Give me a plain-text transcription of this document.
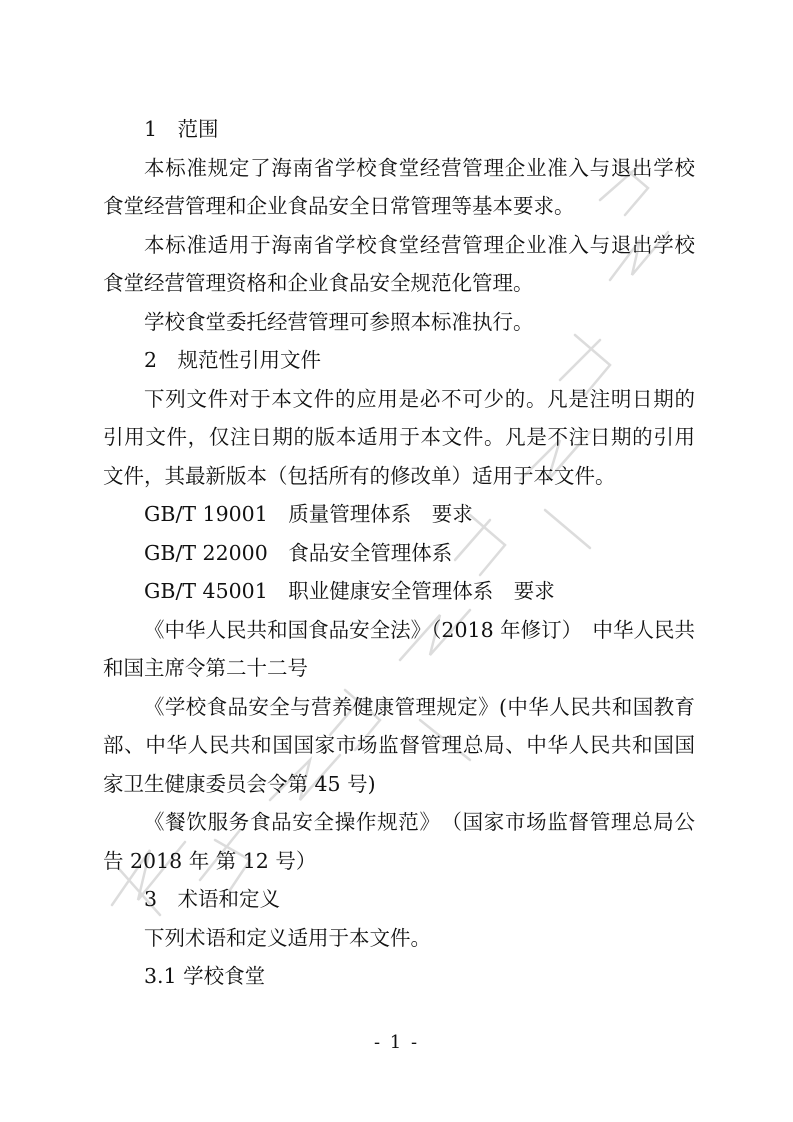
1　范围

本标准规定了海南省学校食堂经营管理企业准入与退出学校食堂经营管理和企业食品安全日常管理等基本要求。

本标准适用于海南省学校食堂经营管理企业准入与退出学校食堂经营管理资格和企业食品安全规范化管理。

学校食堂委托经营管理可参照本标准执行。

2　规范性引用文件

下列文件对于本文件的应用是必不可少的。凡是注明日期的引用文件，仅注日期的版本适用于本文件。凡是不注日期的引用文件，其最新版本（包括所有的修改单）适用于本文件。

GB/T 19001　质量管理体系　要求

GB/T 22000　食品安全管理体系

GB/T 45001　职业健康安全管理体系　要求

《中华人民共和国食品安全法》（2018 年修订）　中华人民共和国主席令第二十二号

《学校食品安全与营养健康管理规定》(中华人民共和国教育部、中华人民共和国国家市场监督管理总局、中华人民共和国国家卫生健康委员会令第 45 号)

《餐饮服务食品安全操作规范》　（国家市场监督管理总局公告 2018 年 第 12 号）

3　术语和定义

下列术语和定义适用于本文件。

3.1 学校食堂

- 1 -
